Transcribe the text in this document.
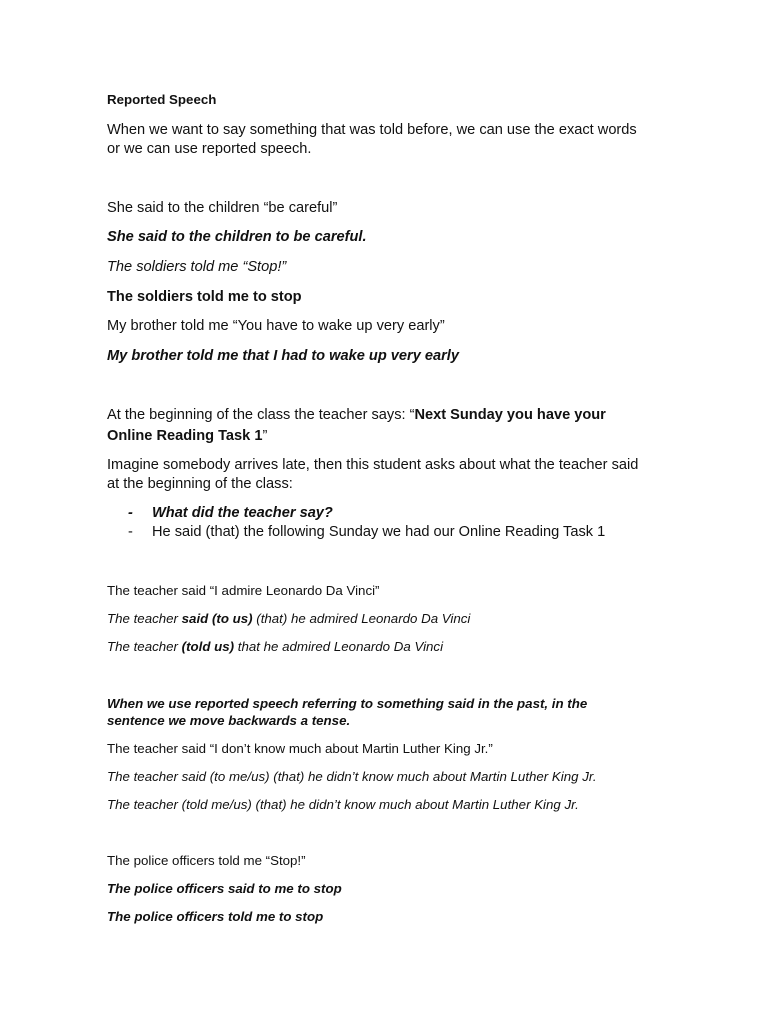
Reported Speech
When we want to say something that was told before, we can use the exact words
or we can use reported speech.
She said to the children “be careful”
She said to the children to be careful.
The soldiers told me “Stop!”
The soldiers told me to stop
My brother told me “You have to wake up very early”
My brother told me that I had to wake up very early
At the beginning of the class the teacher says: “Next Sunday you have your
Online Reading Task 1”
Imagine somebody arrives late, then this student asks about what the teacher said
at the beginning of the class:
- What did the teacher say?
- He said (that) the following Sunday we had our Online Reading Task 1
The teacher said “I admire Leonardo Da Vinci”
The teacher said (to us) (that) he admired Leonardo Da Vinci
The teacher (told us) that he admired Leonardo Da Vinci
When we use reported speech referring to something said in the past, in the
sentence we move backwards a tense.
The teacher said “I don’t know much about Martin Luther King Jr.”
The teacher said (to me/us) (that) he didn’t know much about Martin Luther King Jr.
The teacher (told me/us) (that) he didn’t know much about Martin Luther King Jr.
The police officers told me “Stop!”
The police officers said to me to stop
The police officers told me to stop
